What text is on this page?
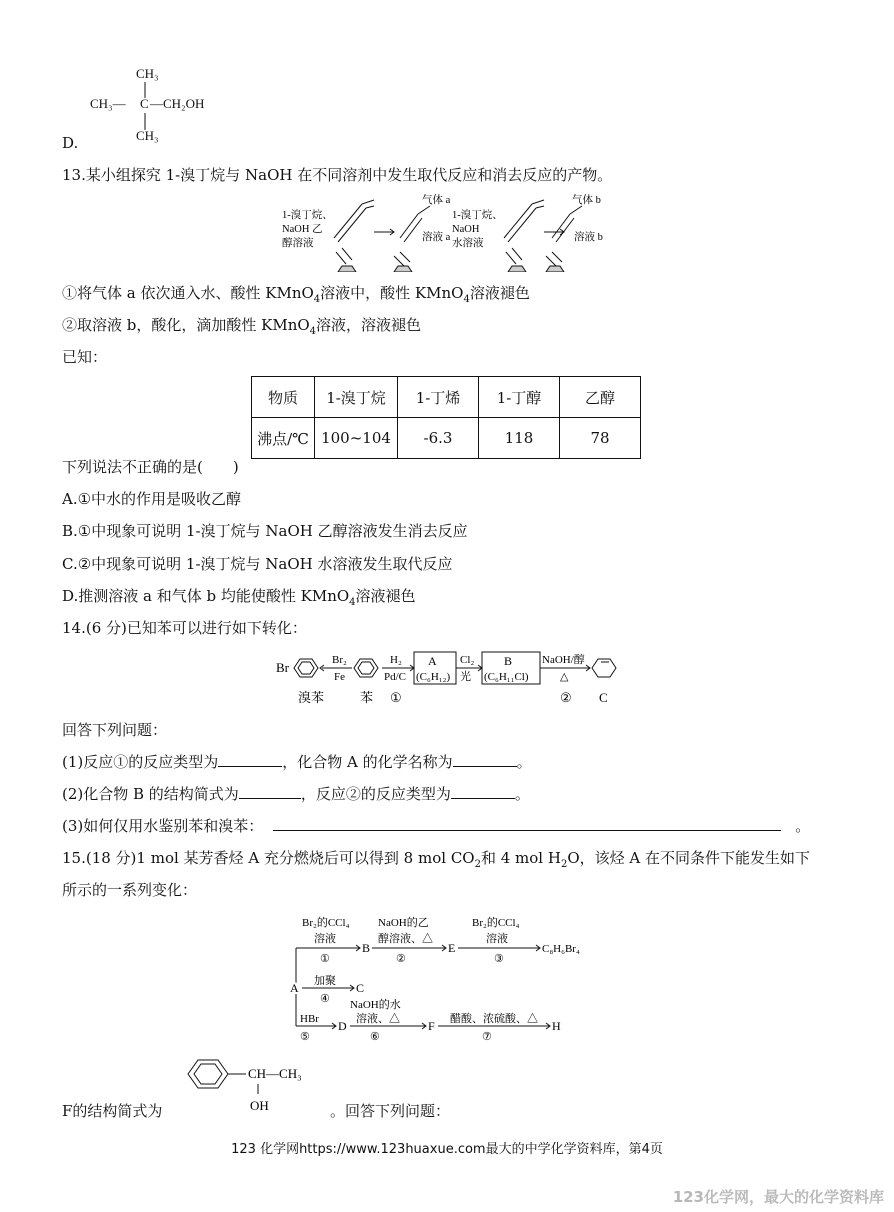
CH₃
CH₃— C —CH₂OH
CH₃
D.
13.某小组探究 1-溴丁烷与 NaOH 在不同溶剂中发生取代反应和消去反应的产物。
1-溴丁烷、
NaOH 乙
醇溶液
气体 a
溶液 a
1-溴丁烷、
NaOH
水溶液
气体 b
溶液 b
①将气体 a 依次通入水、酸性 KMnO$_4$溶液中，酸性 KMnO$_4$溶液褪色
②取溶液 b，酸化，滴加酸性 KMnO$_4$溶液，溶液褪色
已知：
物质	1-溴丁烷	1-丁烯	1-丁醇	乙醇
沸点/℃	100~104	-6.3	118	78
下列说法不正确的是(　　)
A.①中水的作用是吸收乙醇
B.①中现象可说明 1-溴丁烷与 NaOH 乙醇溶液发生消去反应
C.②中现象可说明 1-溴丁烷与 NaOH 水溶液发生取代反应
D.推测溶液 a 和气体 b 均能使酸性 KMnO$_4$溶液褪色
14.(6 分)已知苯可以进行如下转化：
Br	Br₂
Fe
H₂
Pd/C
A
(C₆H₁₂)
Cl₂
光
B
(C₆H₁₁Cl)
NaOH/醇
△
溴苯	苯 ①	② C
回答下列问题：
(1)反应①的反应类型为	，化合物 A 的化学名称为	。
(2)化合物 B 的结构简式为	，反应②的反应类型为	。
(3)如何仅用水鉴别苯和溴苯：	。
15.(18 分)1 mol 某芳香烃 A 充分燃烧后可以得到 8 mol $CO_2$和 4 mol $H_2O$，该烃 A 在不同条件下能发生如下
所示的一系列变化：
Br₂的CCl₄
溶液
①
B
NaOH的乙
醇溶液、△
②
E
Br₂的CCl₄
溶液
③
C₈H₆Br₄
加聚
④
C
A
HBr
⑤
D
NaOH的水
溶液、△
⑥
F 醋酸、浓硫酸、△
⑦
H
CH—CH₃
OH
F的结构简式为	。回答下列问题：
123 化学网https://www.123huaxue.com最大的中学化学资料库，第4页
123化学网，最大的化学资料库
